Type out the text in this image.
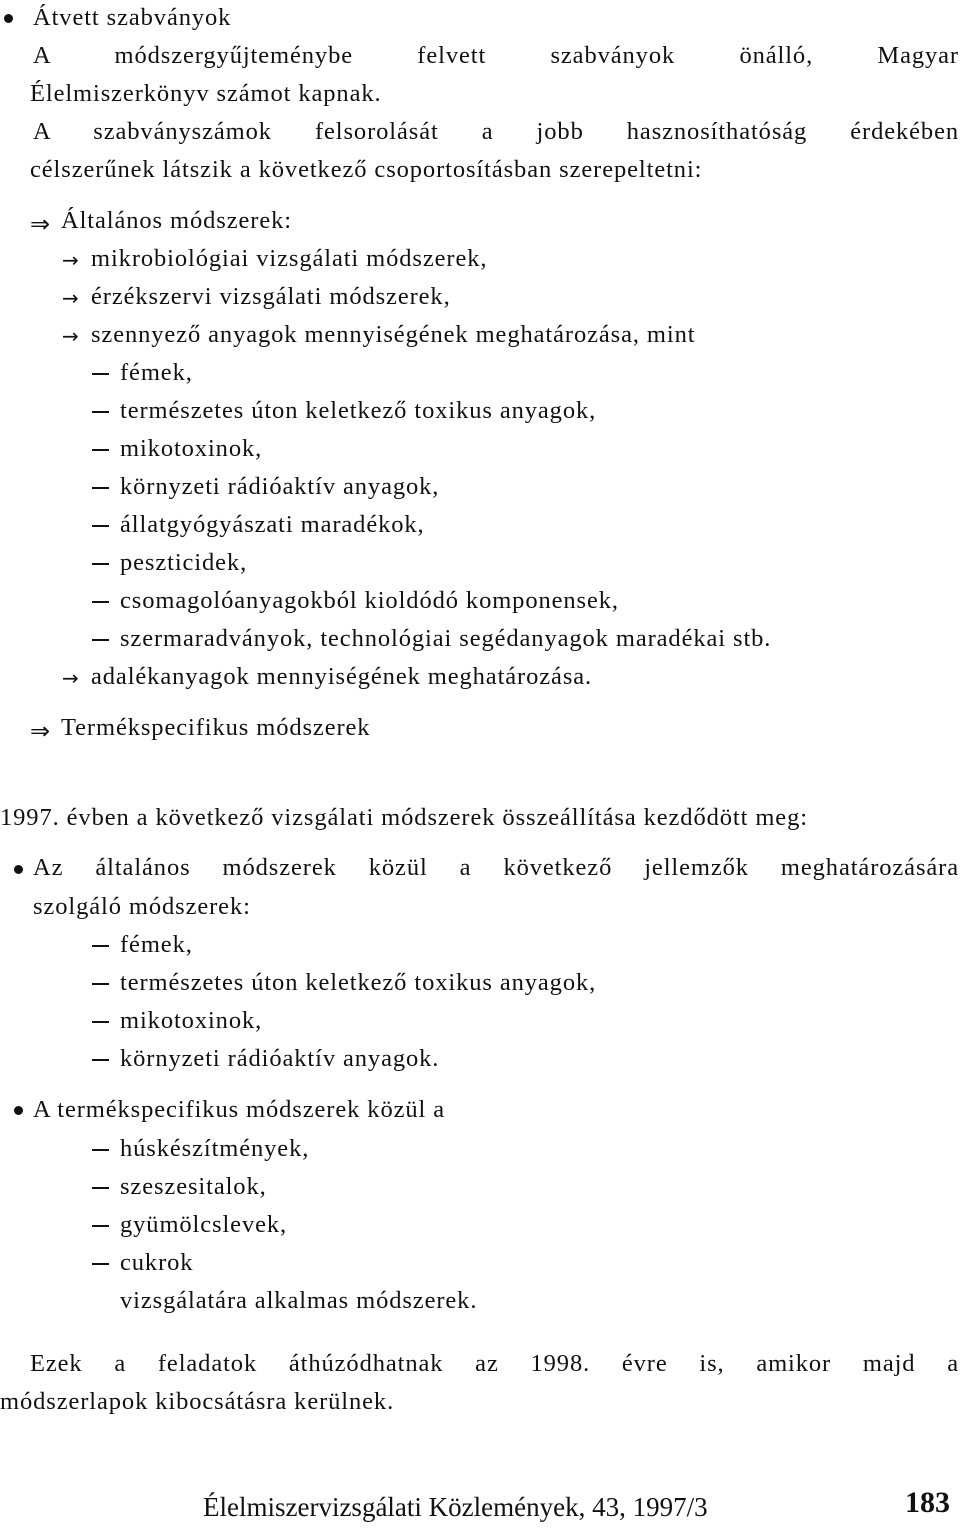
Átvett szabványok
A módszergyűjteménybe felvett szabványok önálló, Magyar
Élelmiszerkönyv számot kapnak.
A szabványszámok felsorolását a jobb hasznosíthatóság érdekében
célszerűnek látszik a következő csoportosításban szerepeltetni:
⇒ Általános módszerek:
→ mikrobiológiai vizsgálati módszerek,
→ érzékszervi vizsgálati módszerek,
→ szennyező anyagok mennyiségének meghatározása, mint
fémek,
természetes úton keletkező toxikus anyagok,
mikotoxinok,
környzeti rádióaktív anyagok,
állatgyógyászati maradékok,
peszticidek,
csomagolóanyagokból kioldódó komponensek,
szermaradványok, technológiai segédanyagok maradékai stb.
→ adalékanyagok mennyiségének meghatározása.
⇒ Termékspecifikus módszerek
1997. évben a következő vizsgálati módszerek összeállítása kezdődött meg:
Az általános módszerek közül a következő jellemzők meghatározására
szolgáló módszerek:
fémek,
természetes úton keletkező toxikus anyagok,
mikotoxinok,
környzeti rádióaktív anyagok.
A termékspecifikus módszerek közül a
húskészítmények,
szeszesitalok,
gyümölcslevek,
cukrok
vizsgálatára alkalmas módszerek.
Ezek a feladatok áthúzódhatnak az 1998. évre is, amikor majd a
módszerlapok kibocsátásra kerülnek.
Élelmiszervizsgálati Közlemények, 43, 1997/3	183
